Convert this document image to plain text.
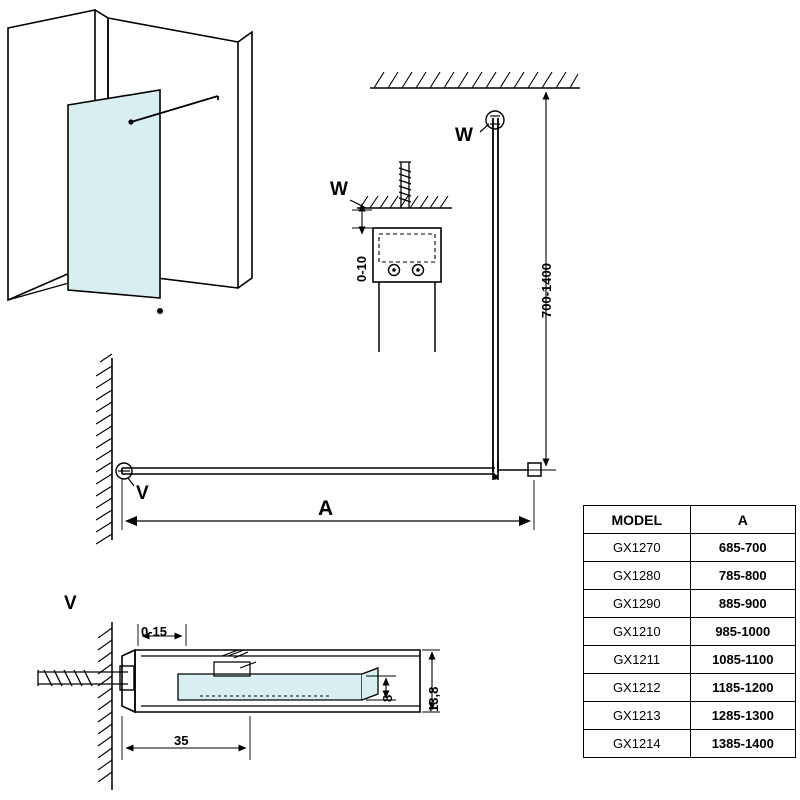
W
W
V
V
A
700-1400
0-10
0-15
35
13,8
8
MODEL	A
GX1270	685-700
GX1280	785-800
GX1290	885-900
GX1210	985-1000
GX1211	1085-1100
GX1212	1185-1200
GX1213	1285-1300
GX1214	1385-1400
